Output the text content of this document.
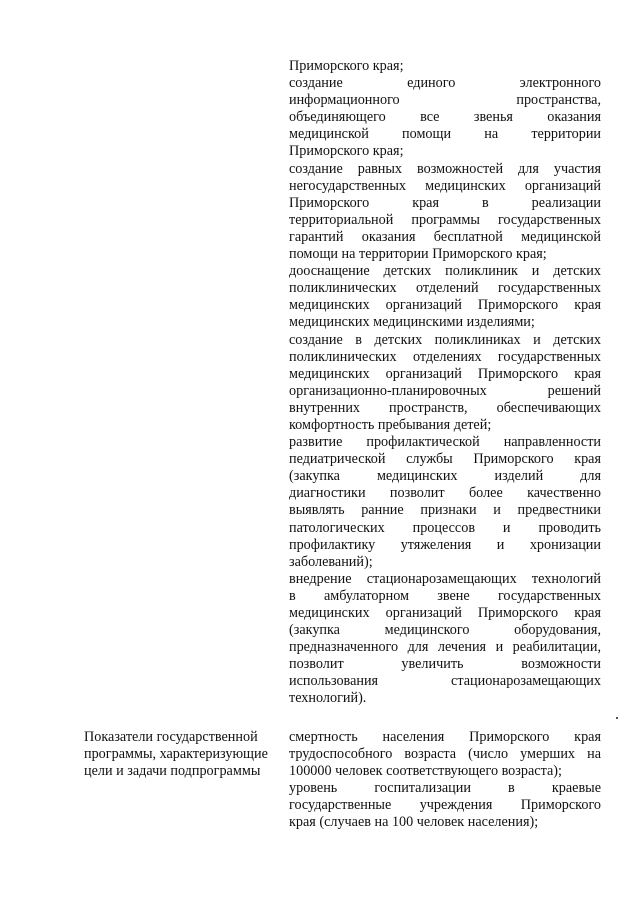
Приморского края;
создание единого электронного
информационного пространства,
объединяющего все звенья оказания
медицинской помощи на территории
Приморского края;
создание равных возможностей для участия
негосударственных медицинских организаций
Приморского края в реализации
территориальной программы государственных
гарантий оказания бесплатной медицинской
помощи на территории Приморского края;
дооснащение детских поликлиник и детских
поликлинических отделений государственных
медицинских организаций Приморского края
медицинских медицинскими изделиями;
создание в детских поликлиниках и детских
поликлинических отделениях государственных
медицинских организаций Приморского края
организационно-планировочных решений
внутренних пространств, обеспечивающих
комфортность пребывания детей;
развитие профилактической направленности
педиатрической службы Приморского края
(закупка медицинских изделий для
диагностики позволит более качественно
выявлять ранние признаки и предвестники
патологических процессов и проводить
профилактику утяжеления и хронизации
заболеваний);
внедрение стационарозамещающих технологий
в амбулаторном звене государственных
медицинских организаций Приморского края
(закупка медицинского оборудования,
предназначенного для лечения и реабилитации,
позволит увеличить возможности
использования стационарозамещающих
технологий).
Показатели государственной
программы, характеризующие
цели и задачи подпрограммы
смертность населения Приморского края
трудоспособного возраста (число умерших на
100000 человек соответствующего возраста);
уровень госпитализации в краевые
государственные учреждения Приморского
края (случаев на 100 человек населения);
